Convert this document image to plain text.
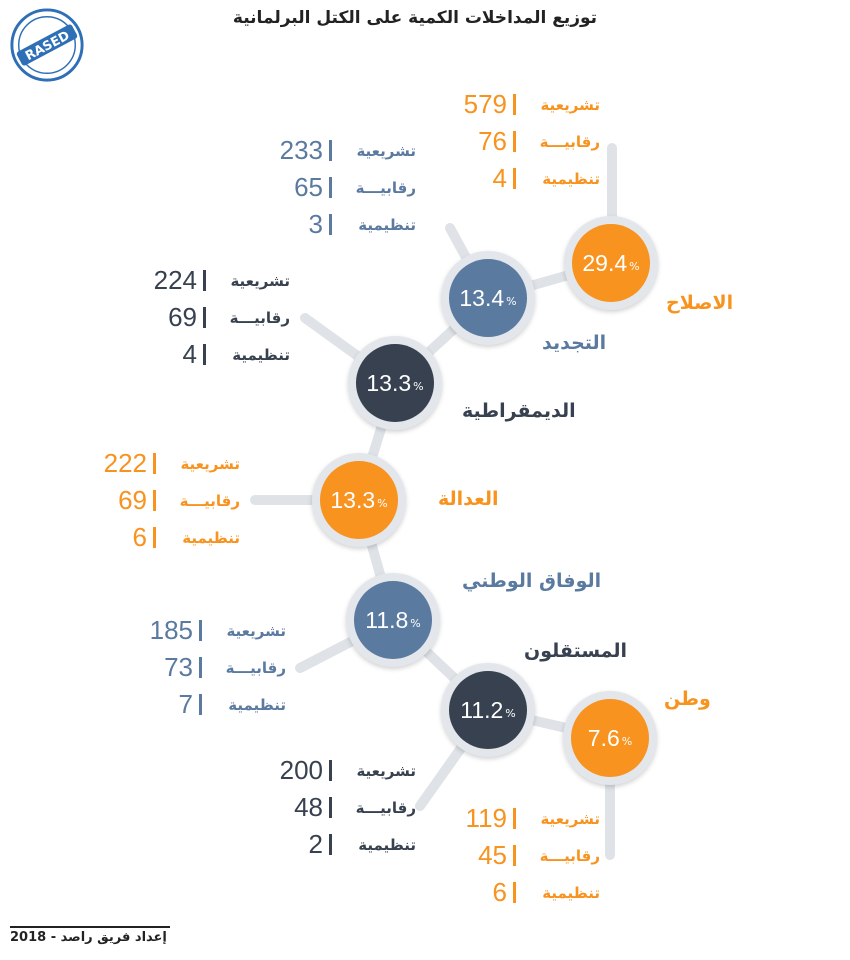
توزيع المداخلات الكمية على الكتل البرلمانية
RASED
29.4 %
الاصلاح
تشريعية
579
رقابيـــة
76
تنظيمية
4
13.4 %
التجديد
تشريعية
233
رقابيـــة
65
تنظيمية
3
13.3 %
الديمقراطية
تشريعية
224
رقابيـــة
69
تنظيمية
4
13.3 %	العدالة
تشريعية
222
رقابيـــة
69
تنظيمية
6
11.8 %
الوفاق الوطني
تشريعية
185
رقابيـــة
73
تنظيمية
7	11.2 %
المستقلون
تشريعية
200
رقابيـــة
48
تنظيمية
2
7.6 %
وطن
تشريعية
119
رقابيـــة
45
تنظيمية
6
إعداد فريق راصد - 2018
